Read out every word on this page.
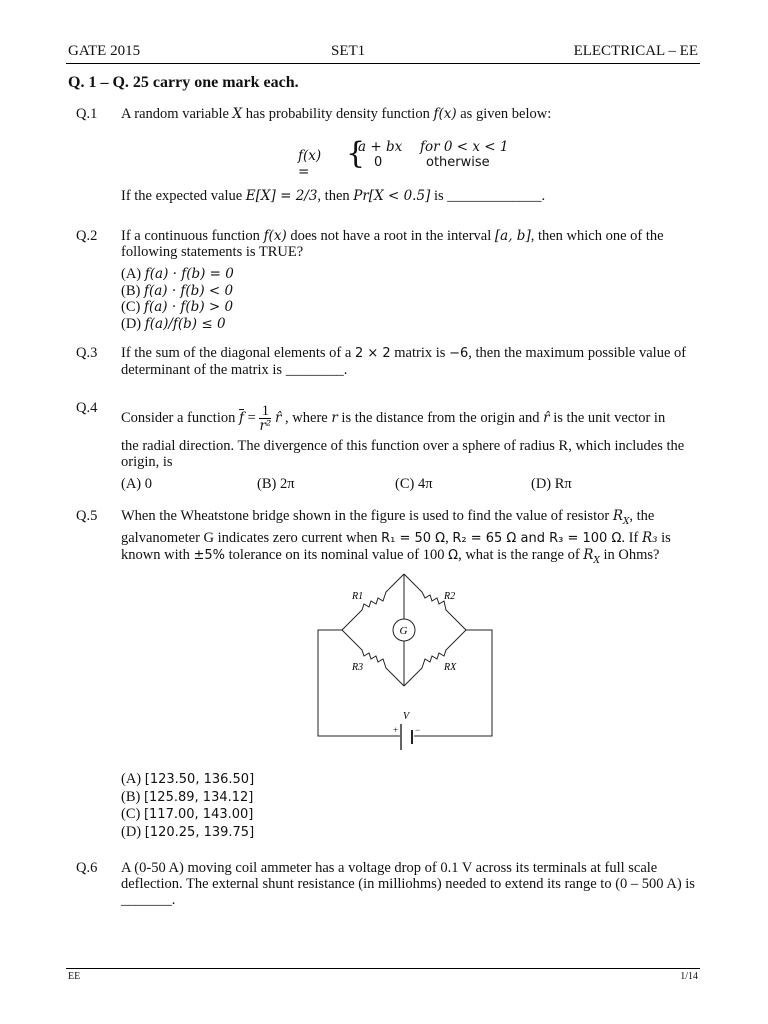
GATE 2015	SET1	ELECTRICAL – EE
Q. 1 – Q. 25 carry one mark each.
Q.1 A random variable X has probability density function f(x) as given below:
f(x) =
{
a + bx for 0 < x < 1
0	otherwise
If the expected value E[X] = 2/3, then Pr[X < 0.5] is _____________.
Q.2 If a continuous function f(x) does not have a root in the interval [a, b], then which one of the following statements is TRUE?
(A) f(a) · f(b) = 0
(B) f(a) · f(b) < 0
(C) f(a) · f(b) > 0
(D) f(a)/f(b) ≤ 0
Q.3 If the sum of the diagonal elements of a 2 × 2 matrix is −6, then the maximum possible value of determinant of the matrix is ________.
Q.4
Consider a function $\overline{f} = \frac{1}{\text{r²}}$ r̂ , where r is the distance from the origin and r̂ is the unit vector in
the radial direction. The divergence of this function over a sphere of radius R, which includes the origin, is
(A) 0	(B) 2π	(C) 4π	(D) Rπ
Q.5 When the Wheatstone bridge shown in the figure is used to find the value of resistor $R_X$, the galvanometer G indicates zero current when R₁ = 50 Ω, R₂ = 65 Ω and R₃ = 100 Ω. If R₃ is known with ±5% tolerance on its nominal value of 100 Ω, what is the range of $R_X$ in Ohms?
R1	R2
R3	RX
G
V
+ −
(A) [123.50, 136.50]
(B) [125.89, 134.12]
(C) [117.00, 143.00]
(D) [120.25, 139.75]
Q.6 A (0-50 A) moving coil ammeter has a voltage drop of 0.1 V across its terminals at full scale deflection. The external shunt resistance (in milliohms) needed to extend its range to (0 – 500 A) is _______.
EE	1/14
